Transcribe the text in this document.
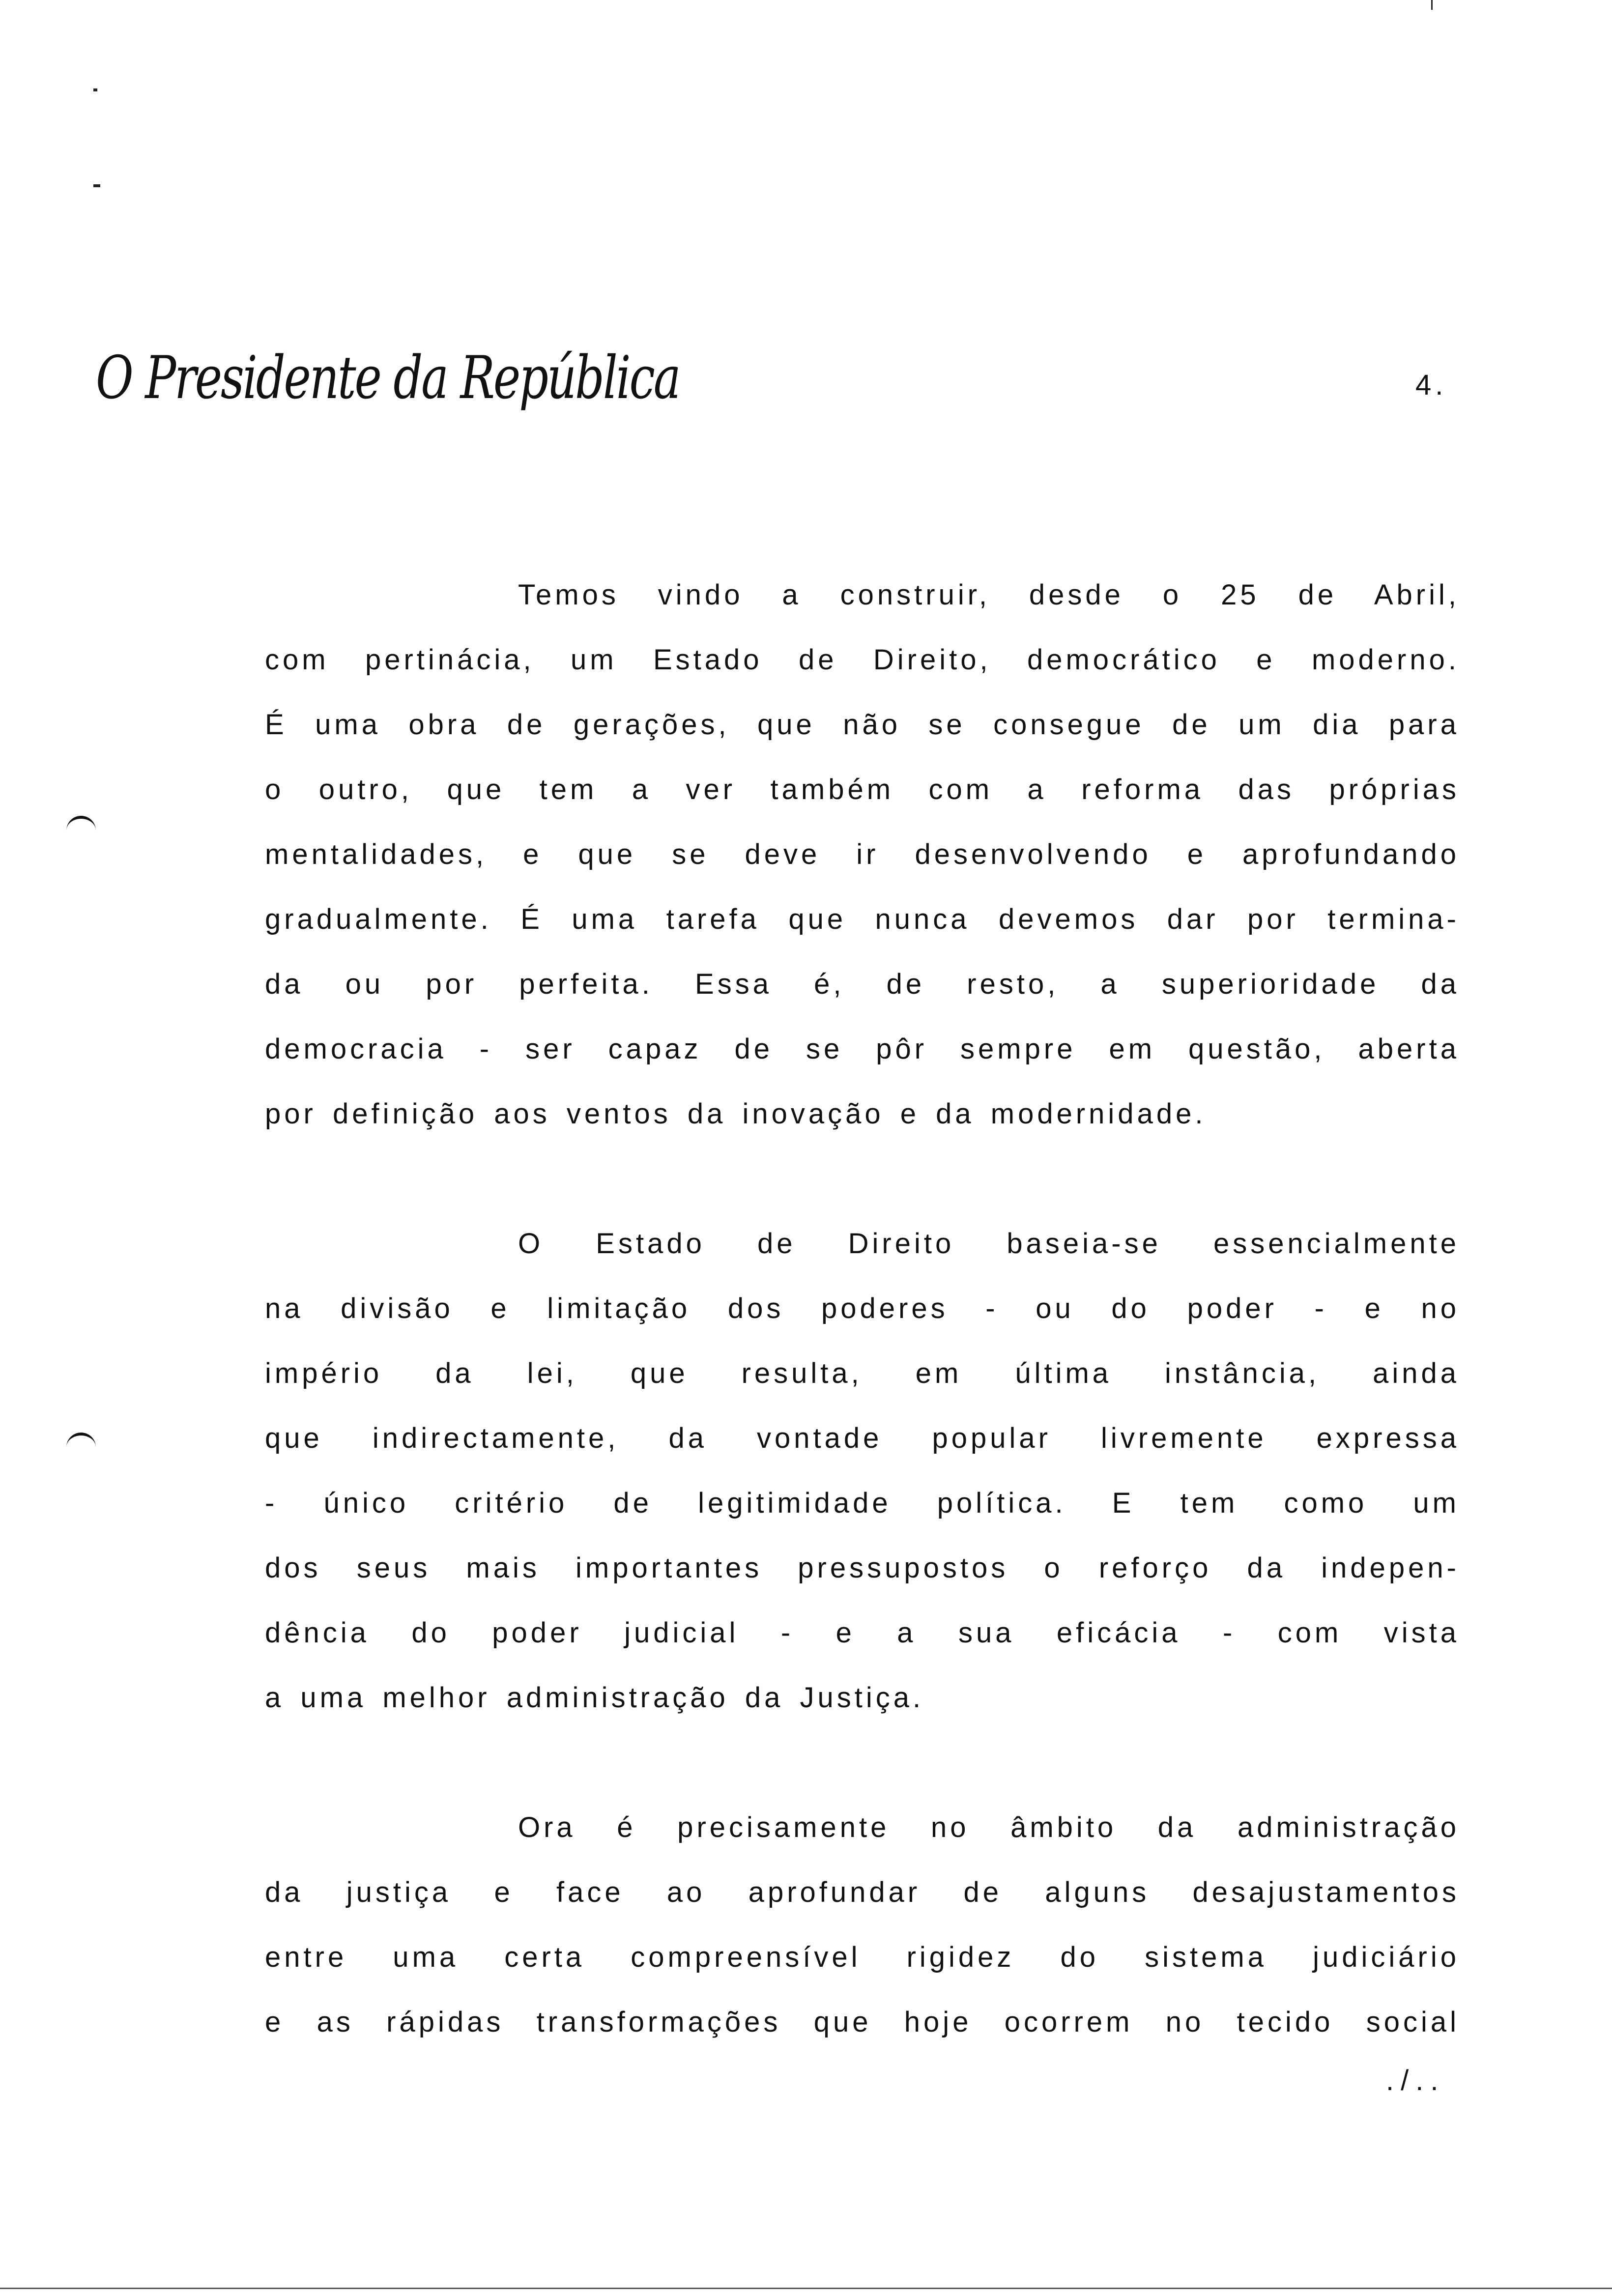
O Presidente da República	4.
Temos vindo a construir, desde o 25 de Abril,
com pertinácia, um Estado de Direito, democrático e moderno.
É uma obra de gerações, que não se consegue de um dia para
o outro, que tem a ver também com a reforma das próprias
mentalidades, e que se deve ir desenvolvendo e aprofundando
gradualmente. É uma tarefa que nunca devemos dar por termina-
da ou por perfeita. Essa é, de resto, a superioridade da
democracia - ser capaz de se pôr sempre em questão, aberta
por definição aos ventos da inovação e da modernidade.
O Estado de Direito baseia-se essencialmente
na divisão e limitação dos poderes - ou do poder - e no
império da lei, que resulta, em última instância, ainda
que indirectamente, da vontade popular livremente expressa
- único critério de legitimidade política. E tem como um
dos seus mais importantes pressupostos o reforço da indepen-
dência do poder judicial - e a sua eficácia - com vista
a uma melhor administração da Justiça.
Ora é precisamente no âmbito da administração
da justiça e face ao aprofundar de alguns desajustamentos
entre uma certa compreensível rigidez do sistema judiciário
e as rápidas transformações que hoje ocorrem no tecido social
./..
